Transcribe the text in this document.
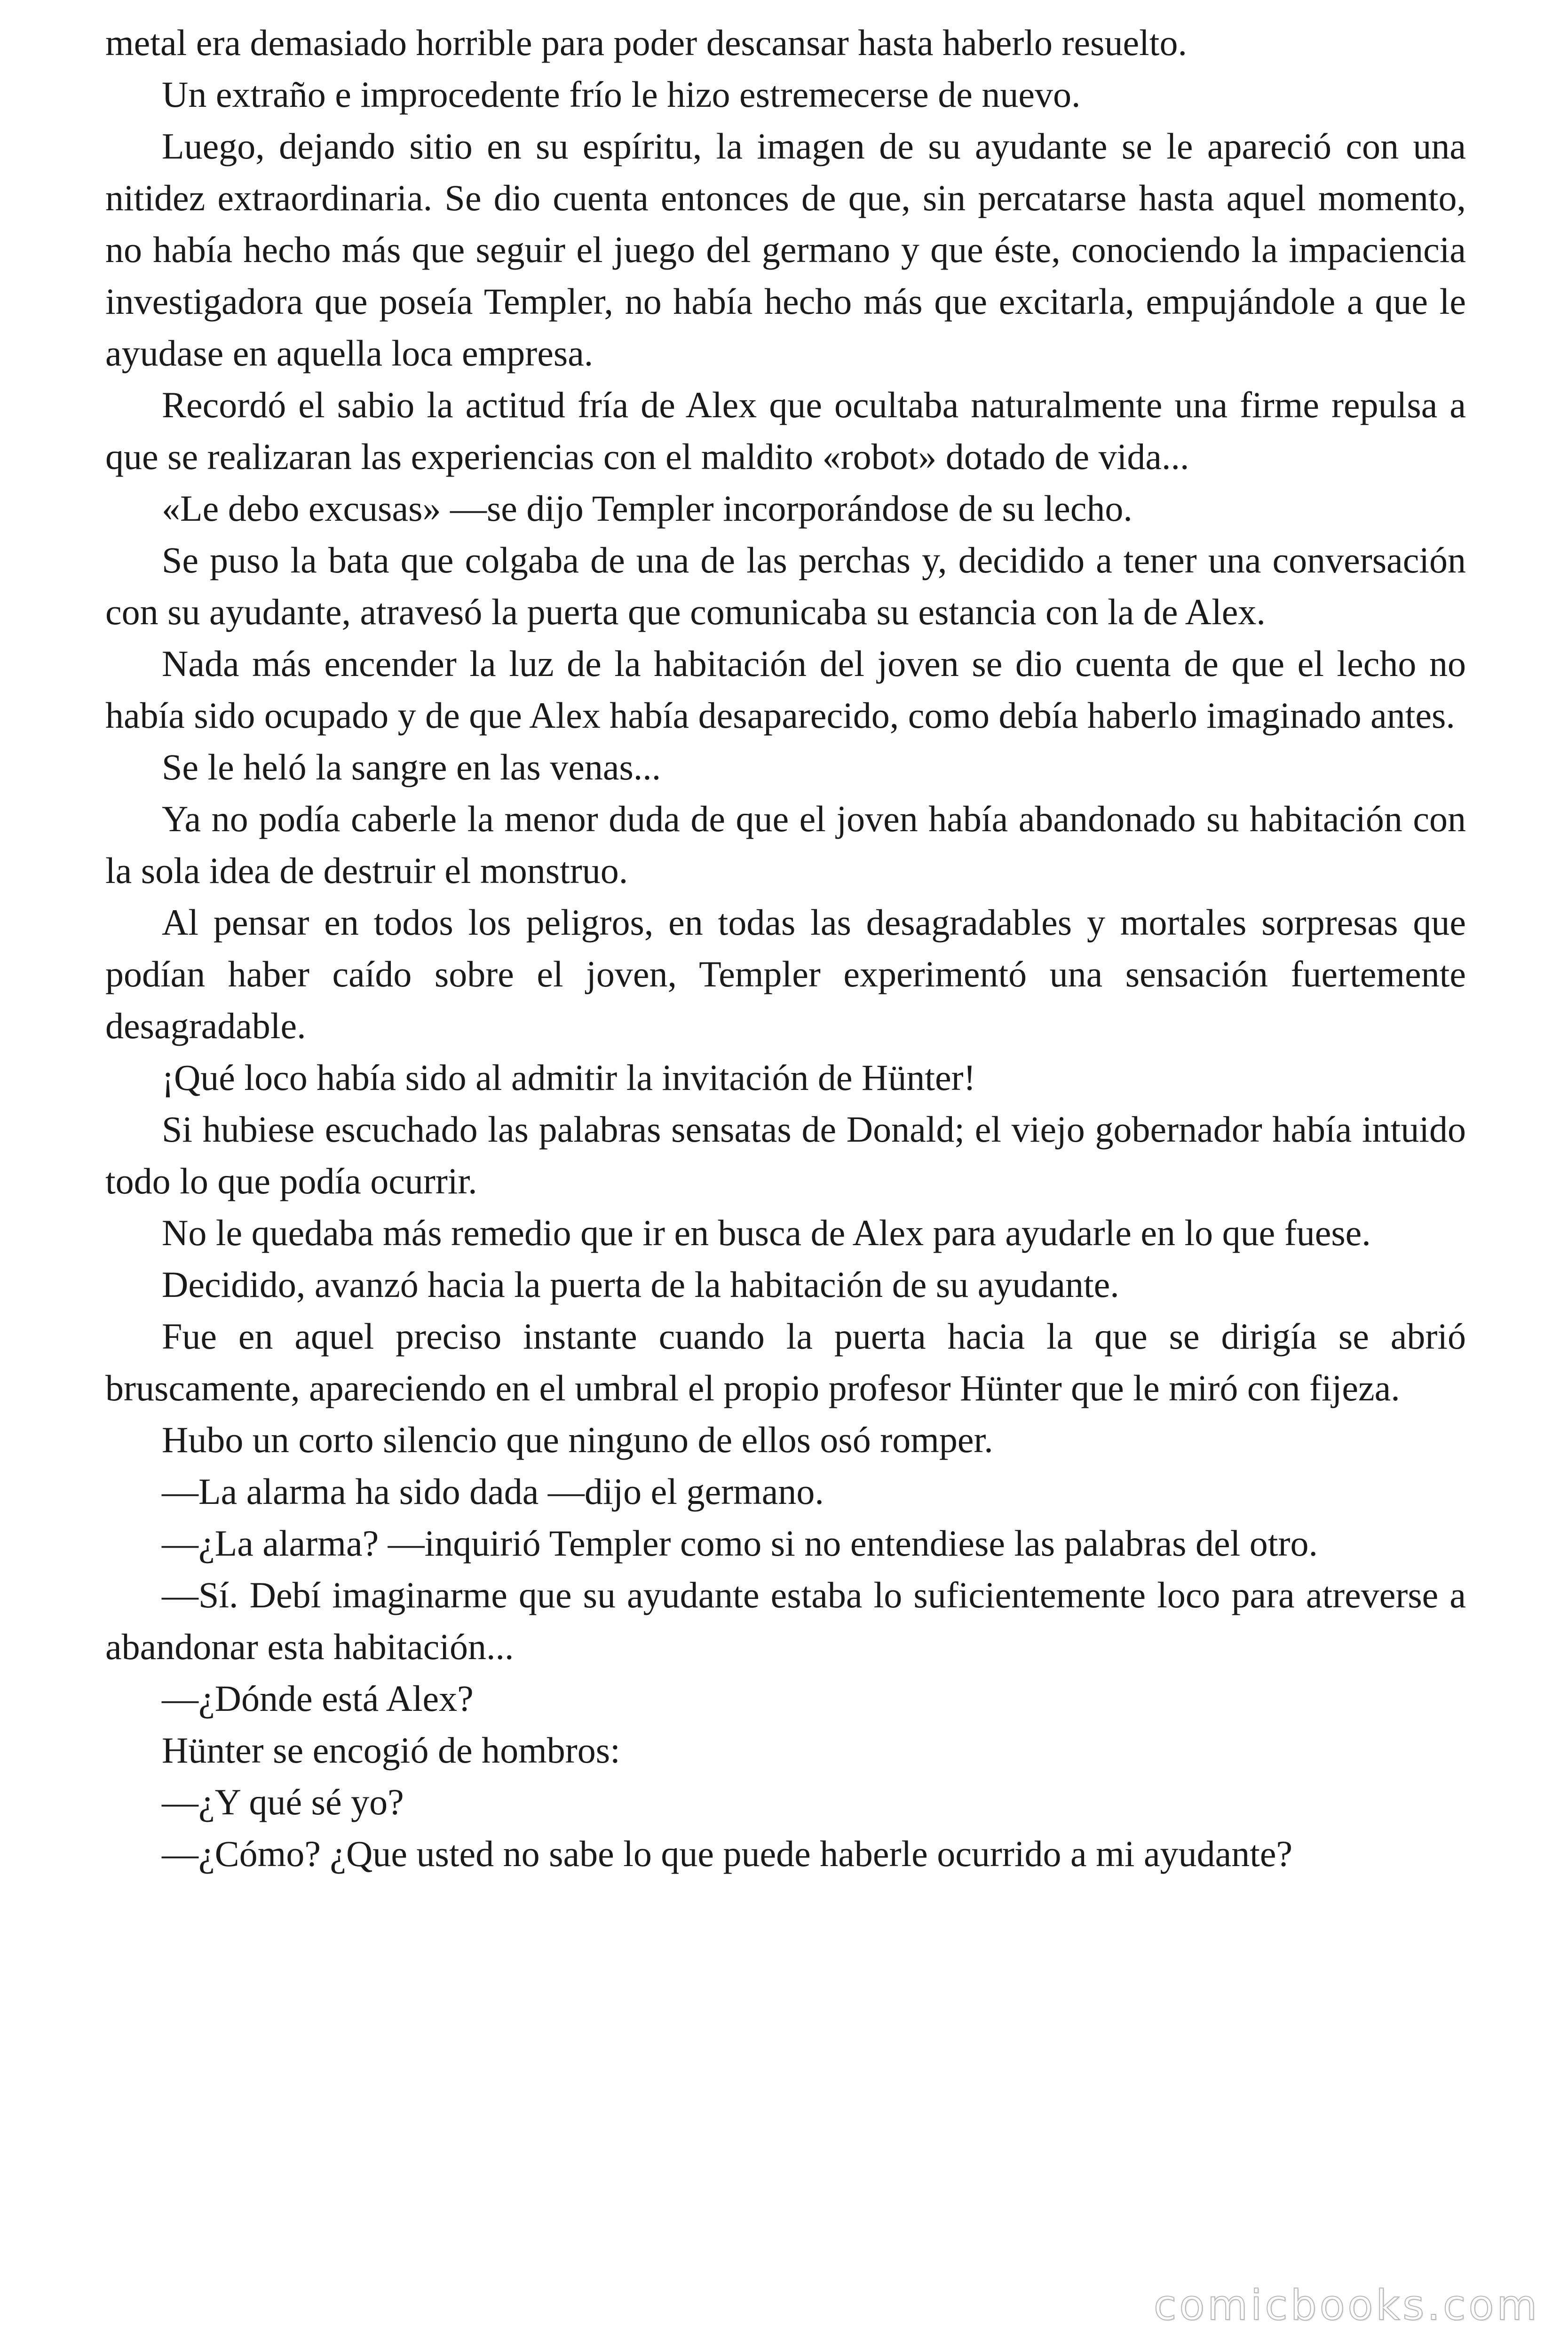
metal era demasiado horrible para poder descansar hasta haberlo resuelto.

Un extraño e improcedente frío le hizo estremecerse de nuevo.

Luego, dejando sitio en su espíritu, la imagen de su ayudante se le apareció con una nitidez extraordinaria. Se dio cuenta entonces de que, sin percatarse hasta aquel momento, no había hecho más que seguir el juego del germano y que éste, conociendo la impaciencia investigadora que poseía Templer, no había hecho más que excitarla, empujándole a que le ayudase en aquella loca empresa.

Recordó el sabio la actitud fría de Alex que ocultaba naturalmente una firme repulsa a que se realizaran las experiencias con el maldito «robot» dotado de vida...

«Le debo excusas» —se dijo Templer incorporándose de su lecho.

Se puso la bata que colgaba de una de las perchas y, decidido a tener una conversación con su ayudante, atravesó la puerta que comunicaba su estancia con la de Alex.

Nada más encender la luz de la habitación del joven se dio cuenta de que el lecho no había sido ocupado y de que Alex había desaparecido, como debía haberlo imaginado antes.

Se le heló la sangre en las venas...

Ya no podía caberle la menor duda de que el joven había abandonado su habitación con la sola idea de destruir el monstruo.

Al pensar en todos los peligros, en todas las desagradables y mortales sorpresas que podían haber caído sobre el joven, Templer experimentó una sensación fuertemente desagradable.

¡Qué loco había sido al admitir la invitación de Hünter!

Si hubiese escuchado las palabras sensatas de Donald; el viejo gobernador había intuido todo lo que podía ocurrir.

No le quedaba más remedio que ir en busca de Alex para ayudarle en lo que fuese.

Decidido, avanzó hacia la puerta de la habitación de su ayudante.

Fue en aquel preciso instante cuando la puerta hacia la que se dirigía se abrió bruscamente, apareciendo en el umbral el propio profesor Hünter que le miró con fijeza.

Hubo un corto silencio que ninguno de ellos osó romper.

—La alarma ha sido dada —dijo el germano.

—¿La alarma? —inquirió Templer como si no entendiese las palabras del otro.

—Sí. Debí imaginarme que su ayudante estaba lo suficientemente loco para atreverse a abandonar esta habitación...

—¿Dónde está Alex?

Hünter se encogió de hombros:

—¿Y qué sé yo?

—¿Cómo? ¿Que usted no sabe lo que puede haberle ocurrido a mi ayudante?

comicbooks.com
